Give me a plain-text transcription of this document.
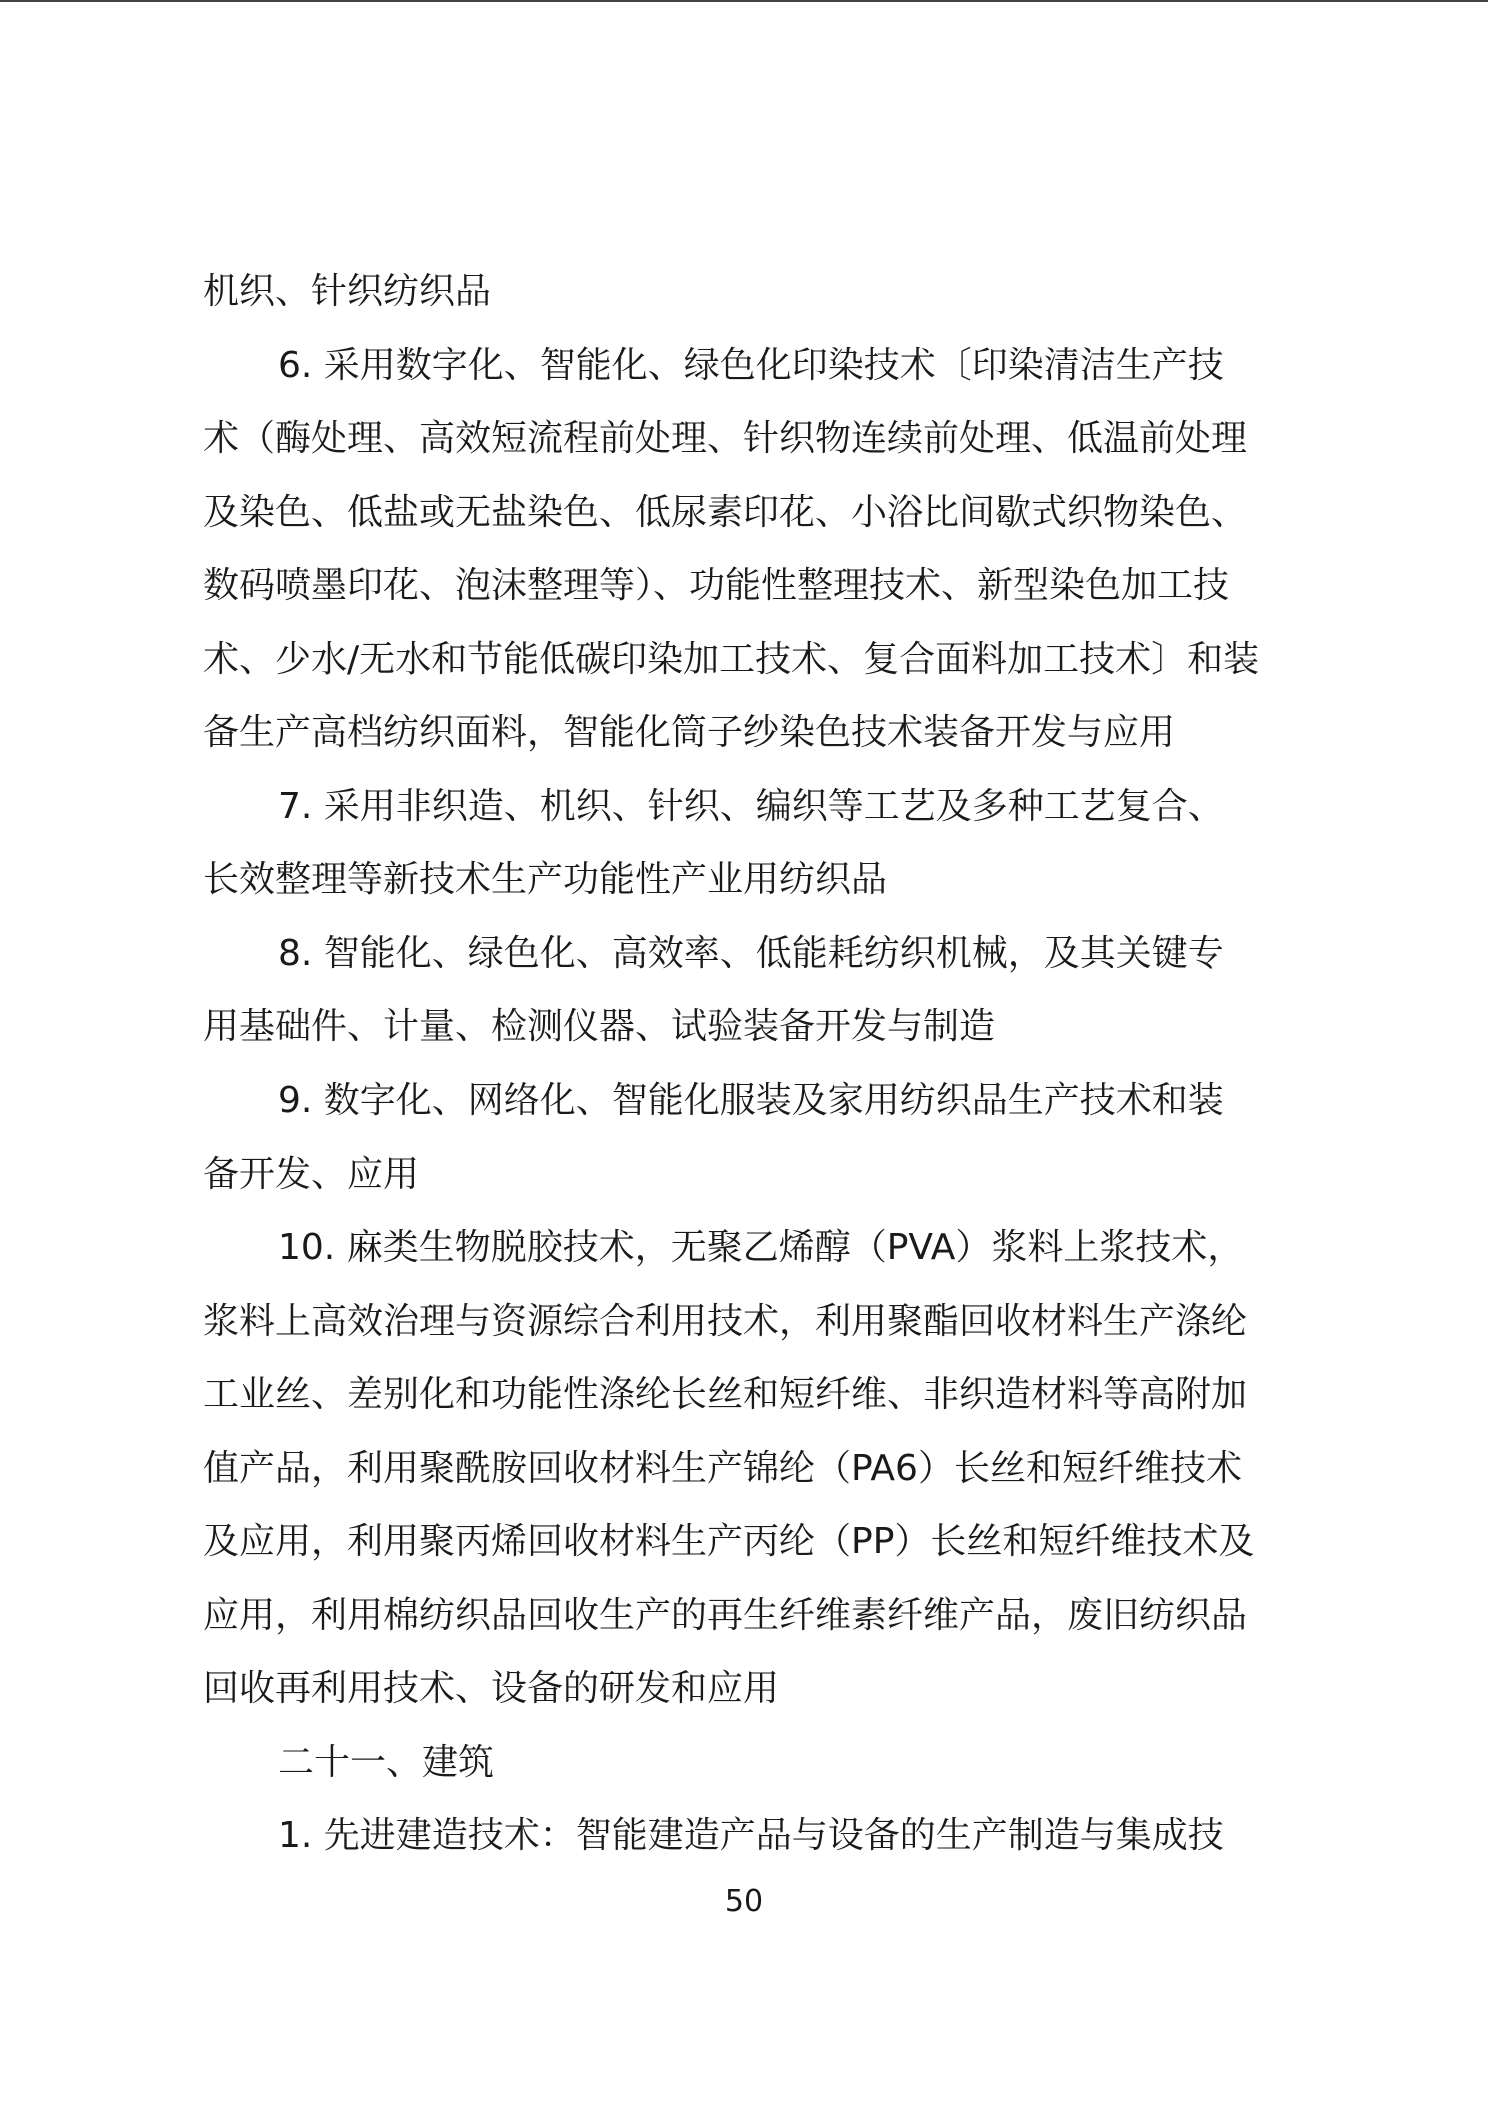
机织、针织纺织品
6. 采用数字化、智能化、绿色化印染技术〔印染清洁生产技
术（酶处理、高效短流程前处理、针织物连续前处理、低温前处理
及染色、低盐或无盐染色、低尿素印花、小浴比间歇式织物染色、
数码喷墨印花、泡沫整理等）、功能性整理技术、新型染色加工技
术、少水/无水和节能低碳印染加工技术、复合面料加工技术〕和装
备生产高档纺织面料，智能化筒子纱染色技术装备开发与应用
7. 采用非织造、机织、针织、编织等工艺及多种工艺复合、
长效整理等新技术生产功能性产业用纺织品
8. 智能化、绿色化、高效率、低能耗纺织机械，及其关键专
用基础件、计量、检测仪器、试验装备开发与制造
9. 数字化、网络化、智能化服装及家用纺织品生产技术和装
备开发、应用
10. 麻类生物脱胶技术，无聚乙烯醇（PVA）浆料上浆技术，
浆料上高效治理与资源综合利用技术，利用聚酯回收材料生产涤纶
工业丝、差别化和功能性涤纶长丝和短纤维、非织造材料等高附加
值产品，利用聚酰胺回收材料生产锦纶（PA6）长丝和短纤维技术
及应用，利用聚丙烯回收材料生产丙纶（PP）长丝和短纤维技术及
应用，利用棉纺织品回收生产的再生纤维素纤维产品，废旧纺织品
回收再利用技术、设备的研发和应用
二十一、建筑
1. 先进建造技术：智能建造产品与设备的生产制造与集成技
50
